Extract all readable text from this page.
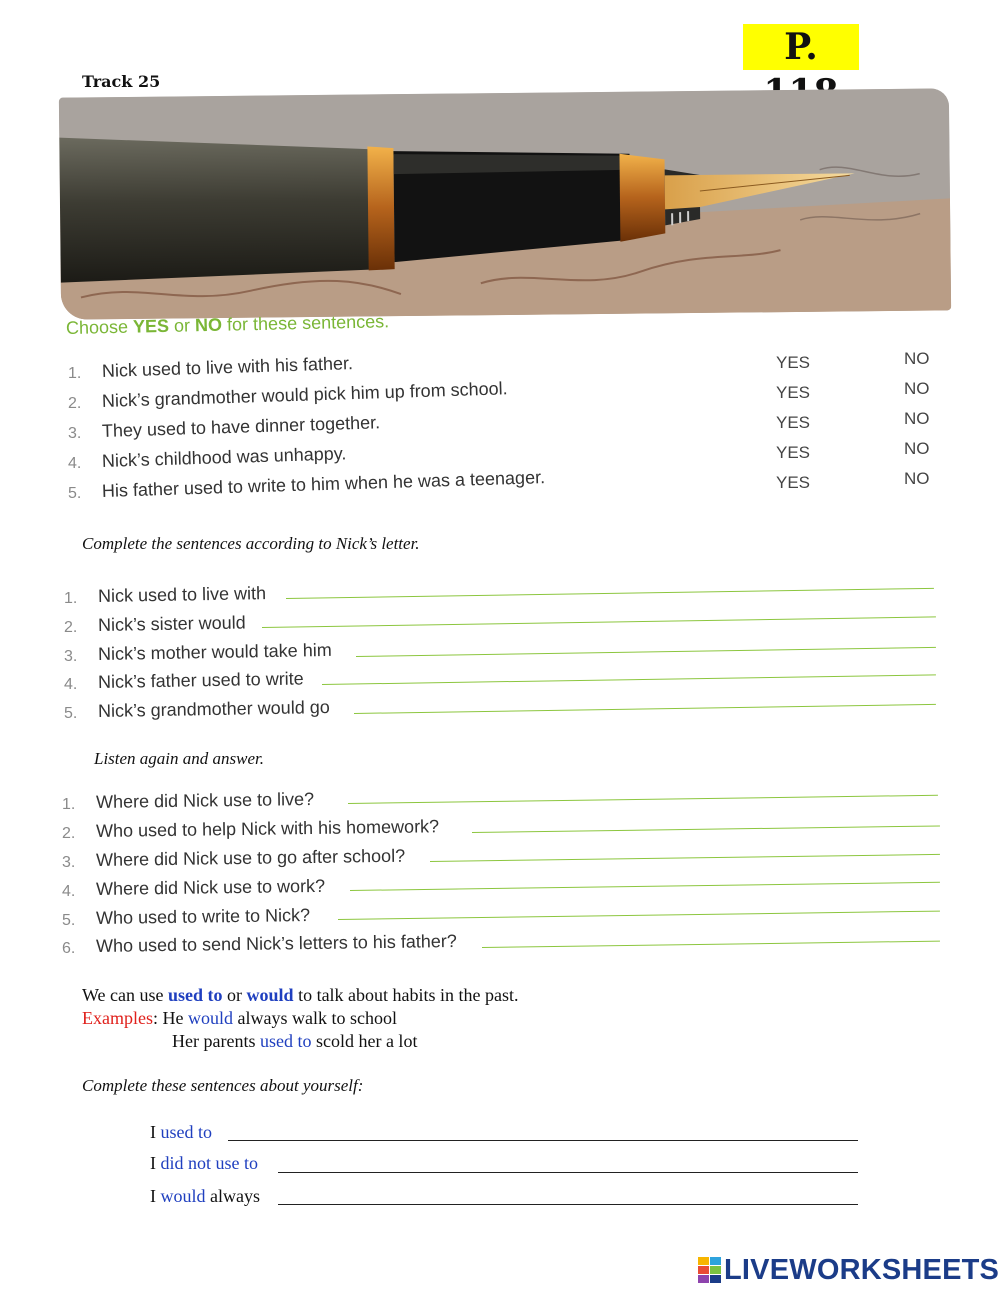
P.
Track 25
Choose YES or NO for these sentences.
1. Nick used to live with his father.	YES	NO
2. Nick’s grandmother would pick him up from school.	YES	NO
3. They used to have dinner together.	YES	NO
4. Nick’s childhood was unhappy.	YES	NO
5. His father used to write to him when he was a teenager.	YES	NO
Complete the sentences according to Nick’s letter.
1. Nick used to live with
2. Nick’s sister would
3. Nick’s mother would take him
4. Nick’s father used to write
5. Nick’s grandmother would go
Listen again and answer.
1. Where did Nick use to live?
2. Who used to help Nick with his homework?
3. Where did Nick use to go after school?
4. Where did Nick use to work?
5. Who used to write to Nick?
6. Who used to send Nick’s letters to his father?
We can use used to or would to talk about habits in the past.
Examples: He would always walk to school
Her parents used to scold her a lot
Complete these sentences about yourself:
I used to
I did not use to
I would always
LIVEWORKSHEETS
